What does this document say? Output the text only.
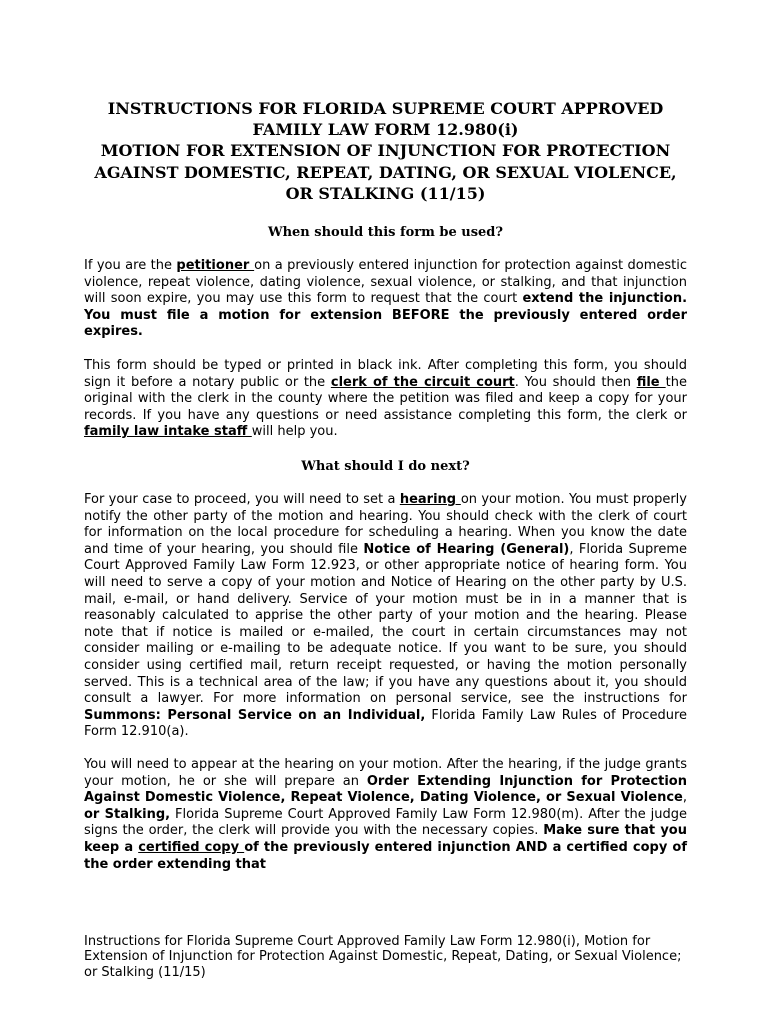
INSTRUCTIONS FOR FLORIDA SUPREME COURT APPROVED FAMILY LAW FORM 12.980(i)
MOTION FOR EXTENSION OF INJUNCTION FOR PROTECTION AGAINST DOMESTIC, REPEAT, DATING, OR SEXUAL VIOLENCE, OR STALKING (11/15)
When should this form be used?

If you are the petitioner on a previously entered injunction for protection against domestic violence, repeat violence, dating violence, sexual violence, or stalking, and that injunction will soon expire, you may use this form to request that the court extend the injunction. You must file a motion for extension BEFORE the previously entered order expires.

This form should be typed or printed in black ink. After completing this form, you should sign it before a notary public or the clerk of the circuit court. You should then file the original with the clerk in the county where the petition was filed and keep a copy for your records. If you have any questions or need assistance completing this form, the clerk or family law intake staff will help you.

What should I do next?

For your case to proceed, you will need to set a hearing on your motion. You must properly notify the other party of the motion and hearing. You should check with the clerk of court for information on the local procedure for scheduling a hearing. When you know the date and time of your hearing, you should file Notice of Hearing (General), Florida Supreme Court Approved Family Law Form 12.923, or other appropriate notice of hearing form. You will need to serve a copy of your motion and Notice of Hearing on the other party by U.S. mail, e-mail, or hand delivery. Service of your motion must be in in a manner that is reasonably calculated to apprise the other party of your motion and the hearing. Please note that if notice is mailed or e-mailed, the court in certain circumstances may not consider mailing or e-mailing to be adequate notice. If you want to be sure, you should consider using certified mail, return receipt requested, or having the motion personally served. This is a technical area of the law; if you have any questions about it, you should consult a lawyer. For more information on personal service, see the instructions for Summons: Personal Service on an Individual, Florida Family Law Rules of Procedure Form 12.910(a).

You will need to appear at the hearing on your motion. After the hearing, if the judge grants your motion, he or she will prepare an Order Extending Injunction for Protection Against Domestic Violence, Repeat Violence, Dating Violence, or Sexual Violence, or Stalking, Florida Supreme Court Approved Family Law Form 12.980(m). After the judge signs the order, the clerk will provide you with the necessary copies. Make sure that you keep a certified copy of the previously entered injunction AND a certified copy of the order extending that

Instructions for Florida Supreme Court Approved Family Law Form 12.980(i), Motion for Extension of Injunction for Protection Against Domestic, Repeat, Dating, or Sexual Violence; or Stalking (11/15)
